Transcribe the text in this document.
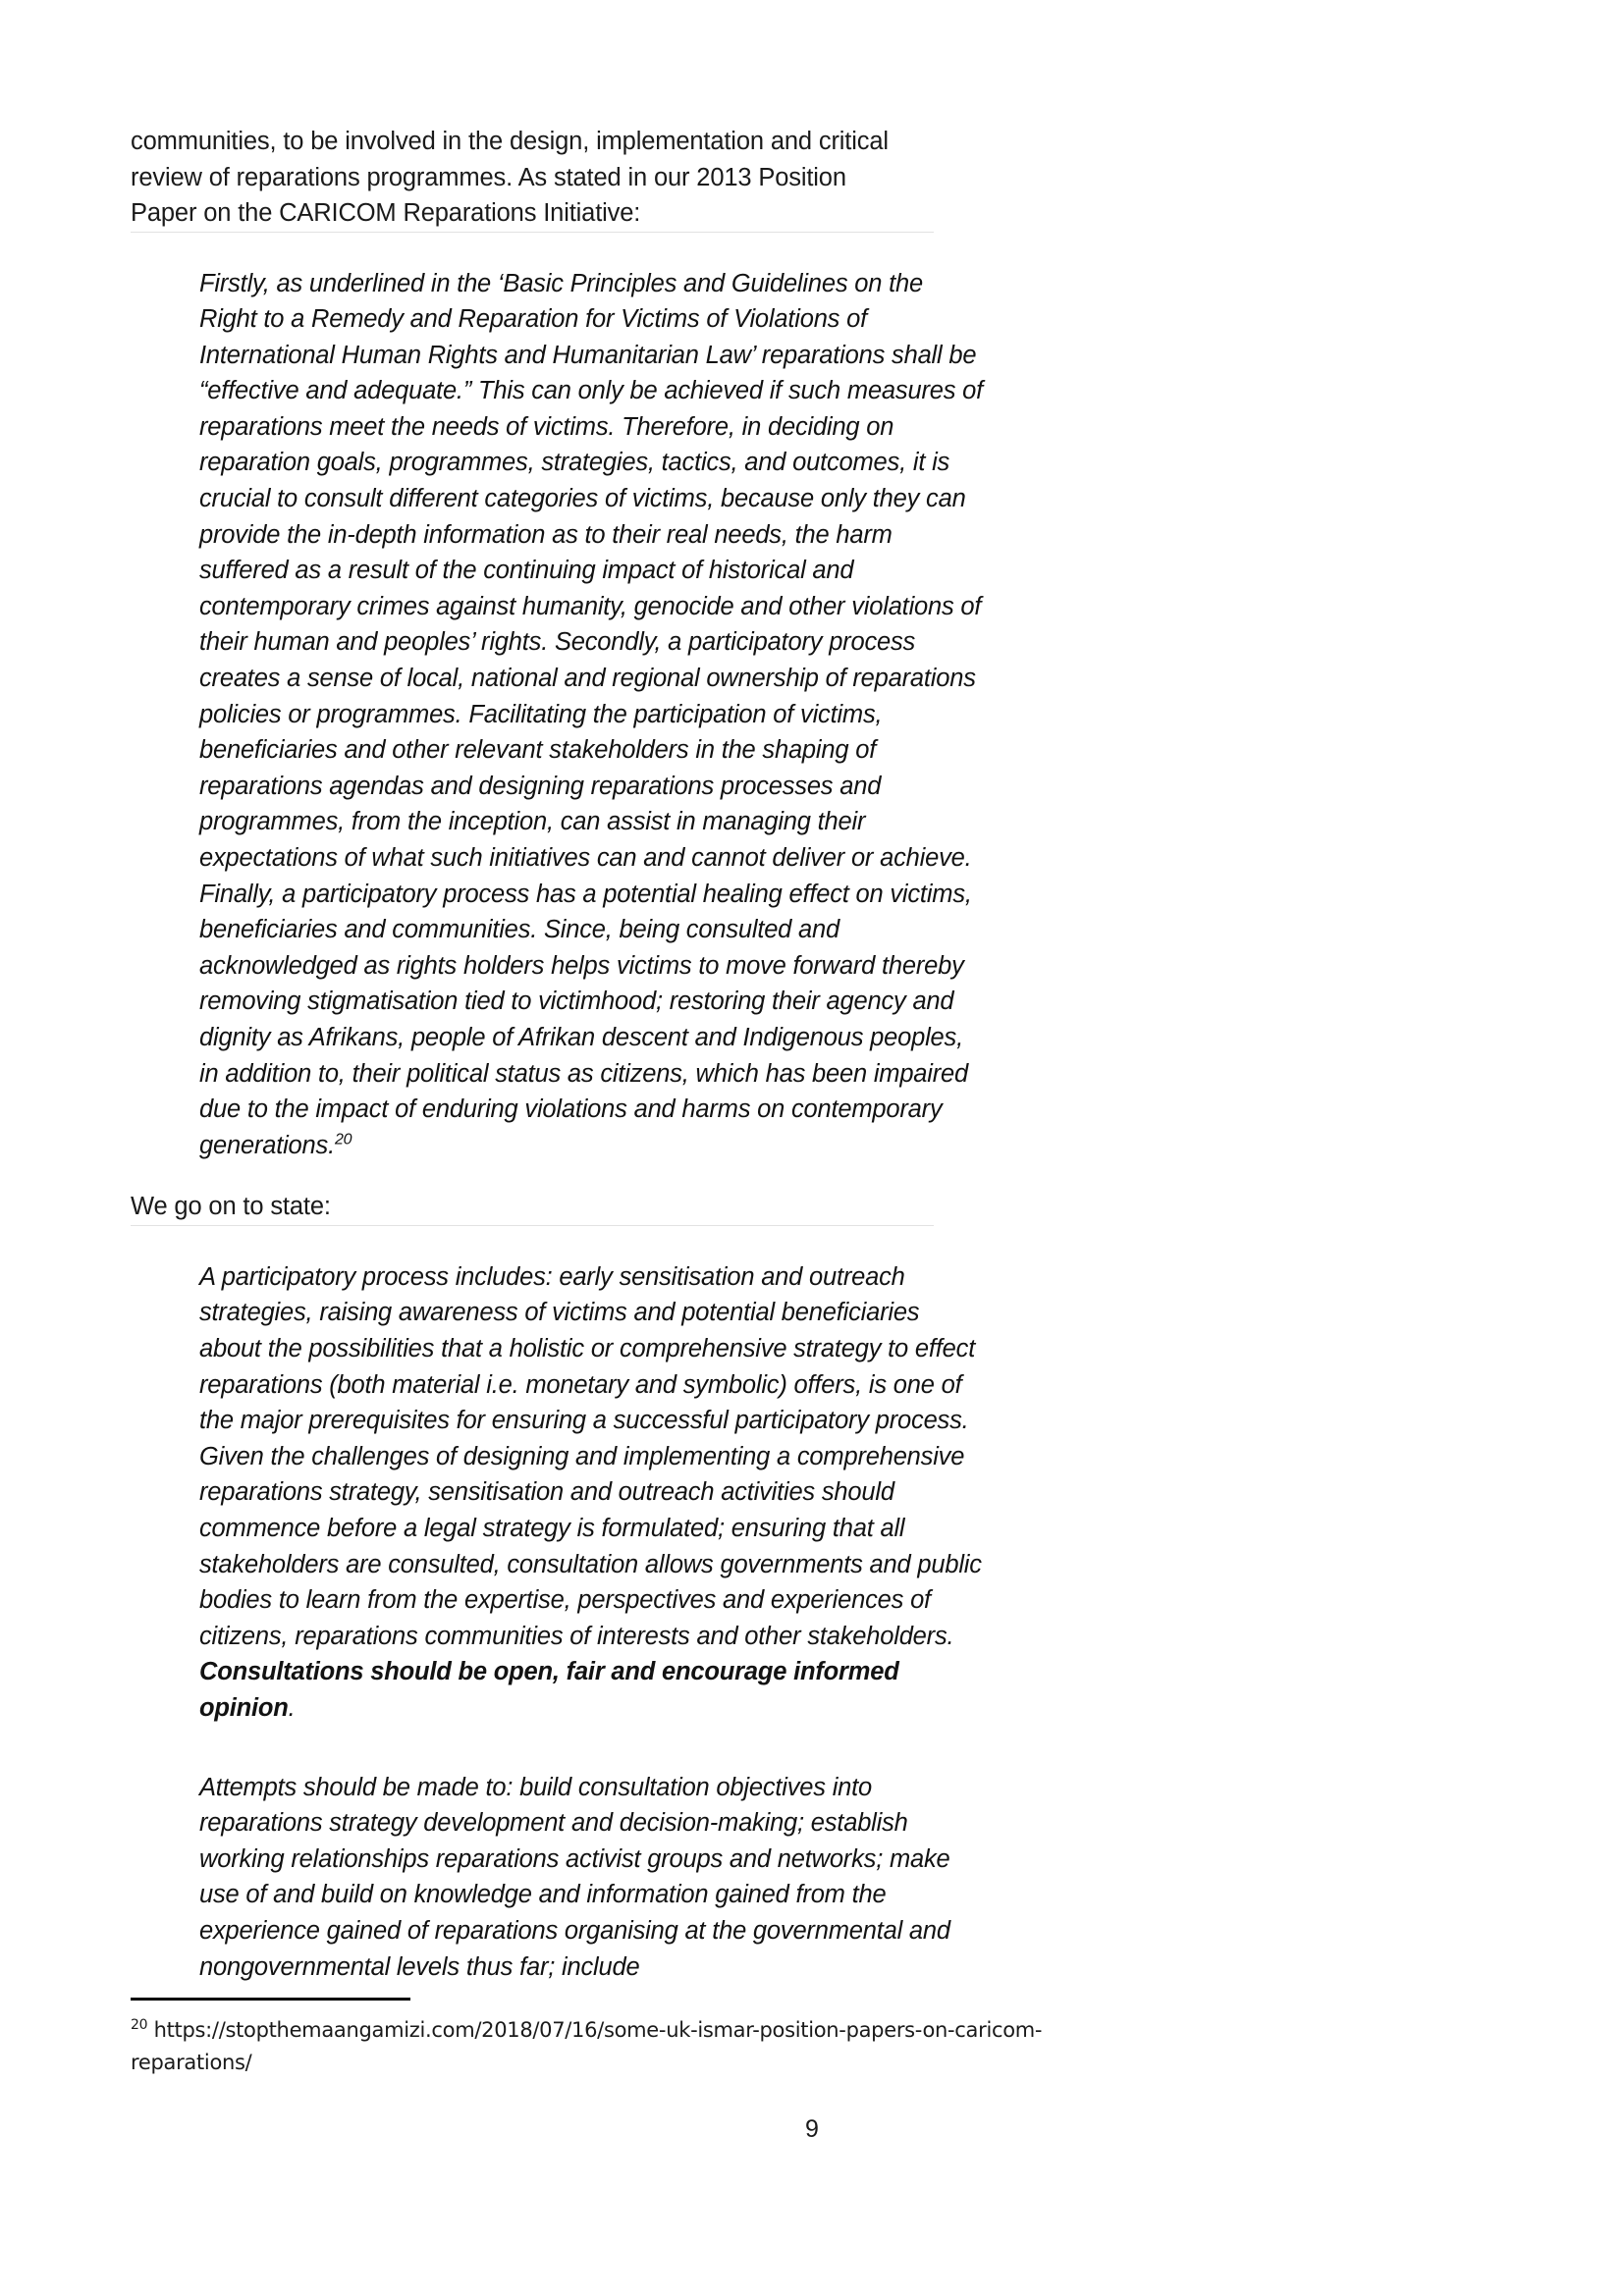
communities, to be involved in the design, implementation and critical review of reparations programmes. As stated in our 2013 Position Paper on the CARICOM Reparations Initiative:

Firstly, as underlined in the ‘Basic Principles and Guidelines on the Right to a Remedy and Reparation for Victims of Violations of International Human Rights and Humanitarian Law’ reparations shall be “effective and adequate.” This can only be achieved if such measures of reparations meet the needs of victims. Therefore, in deciding on reparation goals, programmes, strategies, tactics, and outcomes, it is crucial to consult different categories of victims, because only they can provide the in-depth information as to their real needs, the harm suffered as a result of the continuing impact of historical and contemporary crimes against humanity, genocide and other violations of their human and peoples’ rights. Secondly, a participatory process creates a sense of local, national and regional ownership of reparations policies or programmes. Facilitating the participation of victims, beneficiaries and other relevant stakeholders in the shaping of reparations agendas and designing reparations processes and programmes, from the inception, can assist in managing their expectations of what such initiatives can and cannot deliver or achieve. Finally, a participatory process has a potential healing effect on victims, beneficiaries and communities. Since, being consulted and acknowledged as rights holders helps victims to move forward thereby removing stigmatisation tied to victimhood; restoring their agency and dignity as Afrikans, people of Afrikan descent and Indigenous peoples, in addition to, their political status as citizens, which has been impaired due to the impact of enduring violations and harms on contemporary generations.$^{20}$

We go on to state:

A participatory process includes: early sensitisation and outreach strategies, raising awareness of victims and potential beneficiaries about the possibilities that a holistic or comprehensive strategy to effect reparations (both material i.e. monetary and symbolic) offers, is one of the major prerequisites for ensuring a successful participatory process. Given the challenges of designing and implementing a comprehensive reparations strategy, sensitisation and outreach activities should commence before a legal strategy is formulated; ensuring that all stakeholders are consulted, consultation allows governments and public bodies to learn from the expertise, perspectives and experiences of citizens, reparations communities of interests and other stakeholders. Consultations should be open, fair and encourage informed opinion.

Attempts should be made to: build consultation objectives into reparations strategy development and decision-making; establish working relationships reparations activist groups and networks; make use of and build on knowledge and information gained from the experience gained of reparations organising at the governmental and nongovernmental levels thus far; include

$^{20}$ https://stopthemaangamizi.com/2018/07/16/some-uk-ismar-position-papers-on-caricom-reparations/

9
